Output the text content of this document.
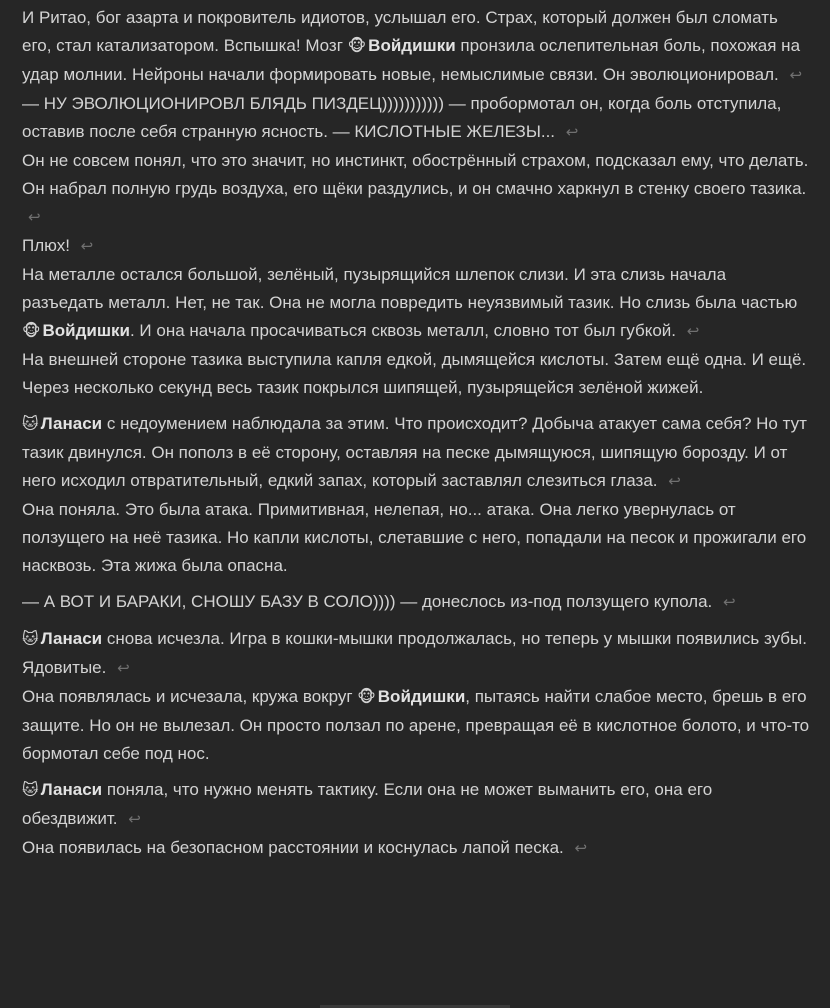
И Ритао, бог азарта и покровитель идиотов, услышал его. Страх, который должен был сломать его, стал катализатором. Вспышка! Мозг 🐵 Войдишки пронзила ослепительная боль, похожая на удар молнии. Нейроны начали формировать новые, немыслимые связи. Он эволюционировал. ↩

— НУ ЭВОЛЮЦИОНИРОВЛ БЛЯДЬ ПИЗДЕЦ))))))))))) — пробормотал он, когда боль отступила, оставив после себя странную ясность. — КИСЛОТНЫЕ ЖЕЛЕЗЫ... ↩

Он не совсем понял, что это значит, но инстинкт, обострённый страхом, подсказал ему, что делать. Он набрал полную грудь воздуха, его щёки раздулись, и он смачно харкнул в стенку своего тазика. ↩

Плюх! ↩

На металле остался большой, зелёный, пузырящийся шлепок слизи. И эта слизь начала разъедать металл. Нет, не так. Она не могла повредить неуязвимый тазик. Но слизь была частью 🐵 Войдишки. И она начала просачиваться сквозь металл, словно тот был губкой. ↩

На внешней стороне тазика выступила капля едкой, дымящейся кислоты. Затем ещё одна. И ещё. Через несколько секунд весь тазик покрылся шипящей, пузырящейся зелёной жижей.

🐱 Ланаси с недоумением наблюдала за этим. Что происходит? Добыча атакует сама себя? Но тут тазик двинулся. Он пополз в её сторону, оставляя на песке дымящуюся, шипящую борозду. И от него исходил отвратительный, едкий запах, который заставлял слезиться глаза. ↩

Она поняла. Это была атака. Примитивная, нелепая, но... атака. Она легко увернулась от ползущего на неё тазика. Но капли кислоты, слетавшие с него, попадали на песок и прожигали его насквозь. Эта жижа была опасна.

— А ВОТ И БАРАКИ, СНОШУ БАЗУ В СОЛО)))) — донеслось из-под ползущего купола. ↩

🐱 Ланаси снова исчезла. Игра в кошки-мышки продолжалась, но теперь у мышки появились зубы. Ядовитые. ↩

Она появлялась и исчезала, кружа вокруг 🐵 Войдишки, пытаясь найти слабое место, брешь в его защите. Но он не вылезал. Он просто ползал по арене, превращая её в кислотное болото, и что-то бормотал себе под нос.

🐱 Ланаси поняла, что нужно менять тактику. Если она не может выманить его, она его обездвижит. ↩

Она появилась на безопасном расстоянии и коснулась лапой песка. ↩
